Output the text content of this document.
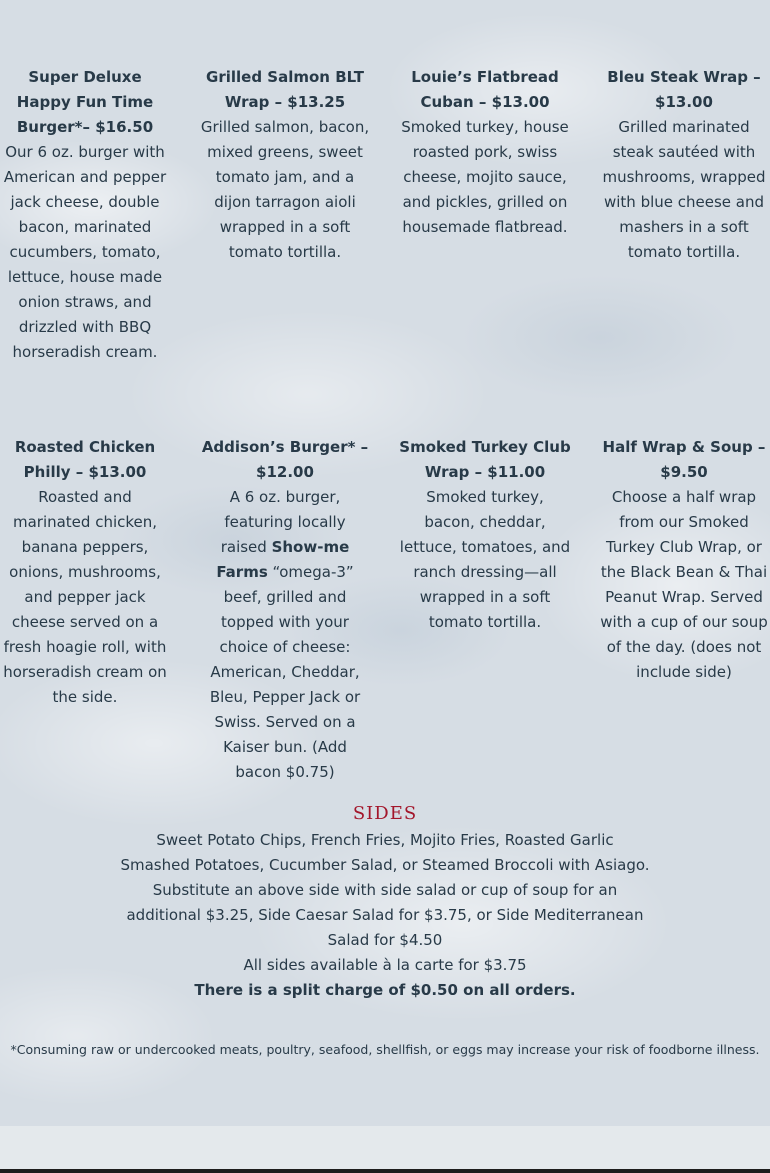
Super Deluxe Happy Fun Time Burger*– $16.50
Our 6 oz. burger with American and pepper jack cheese, double bacon, marinated cucumbers, tomato, lettuce, house made onion straws, and drizzled with BBQ horseradish cream.
Grilled Salmon BLT Wrap – $13.25
Grilled salmon, bacon, mixed greens, sweet tomato jam, and a dijon tarragon aioli wrapped in a soft tomato tortilla.
Louie’s Flatbread Cuban – $13.00
Smoked turkey, house roasted pork, swiss cheese, mojito sauce, and pickles, grilled on housemade flatbread.
Bleu Steak Wrap – $13.00
Grilled marinated steak sautéed with mushrooms, wrapped with blue cheese and mashers in a soft tomato tortilla.
Roasted Chicken Philly – $13.00
Roasted and marinated chicken, banana peppers, onions, mushrooms, and pepper jack cheese served on a fresh hoagie roll, with horseradish cream on the side.
Addison’s Burger* – $12.00
A 6 oz. burger, featuring locally raised Show-me Farms “omega-3” beef, grilled and topped with your choice of cheese: American, Cheddar, Bleu, Pepper Jack or Swiss. Served on a Kaiser bun. (Add bacon $0.75)
Smoked Turkey Club Wrap – $11.00
Smoked turkey, bacon, cheddar, lettuce, tomatoes, and ranch dressing—all wrapped in a soft tomato tortilla.
Half Wrap & Soup – $9.50
Choose a half wrap from our Smoked Turkey Club Wrap, or the Black Bean & Thai Peanut Wrap. Served with a cup of our soup of the day. (does not include side)
SIDES
Sweet Potato Chips, French Fries, Mojito Fries, Roasted Garlic Smashed Potatoes, Cucumber Salad, or Steamed Broccoli with Asiago.
Substitute an above side with side salad or cup of soup for an additional $3.25, Side Caesar Salad for $3.75, or Side Mediterranean Salad for $4.50
All sides available à la carte for $3.75
There is a split charge of $0.50 on all orders.
*Consuming raw or undercooked meats, poultry, seafood, shellfish, or eggs may increase your risk of foodborne illness.
